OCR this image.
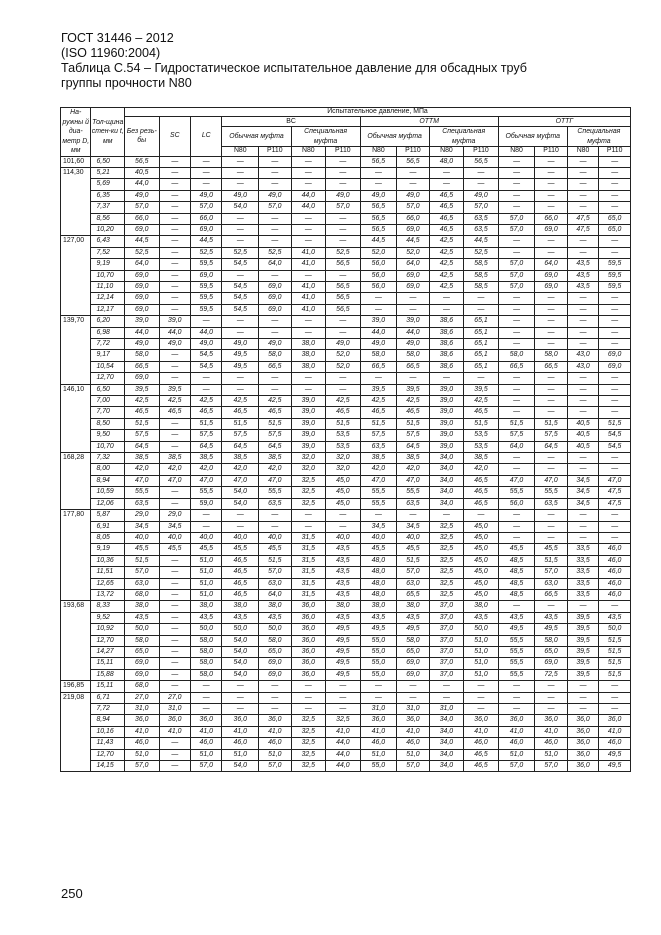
ГОСТ 31446 – 2012
(ISO 11960:2004)
Таблица С.54 – Гидростатическое испытательное давление для обсадных труб
группы прочности N80
На-ружны й диа-метр D, мм	Тол-щина стен-ки t, мм	Испытательное давление, МПа														
		Без резь-бы	SC	LC	BC				ОТТМ				ОТТГ			
					Обычная муфта		Специальная муфта		Обычная муфта		Специальная муфта		Обычная муфта		Специальная муфта	
					N80	P110	N80	P110	N80	P110	N80	P110	N80	P110	N80	P110
101,60	6,50	56,5	—	—	—	—	—	—	56,5	56,5	48,0	56,5	—	—	—	—
114,30	5,21	40,5	—	—	—	—	—	—	—	—	—	—	—	—	—	—
	5,69	44,0	—	—	—	—	—	—	—	—	—	—	—	—	—	—
	6,35	49,0	—	49,0	49,0	49,0	44,0	49,0	49,0	49,0	46,5	49,0	—	—	—	—
	7,37	57,0	—	57,0	54,0	57,0	44,0	57,0	56,5	57,0	46,5	57,0	—	—	—	—
	8,56	66,0	—	66,0	—	—	—	—	56,5	66,0	46,5	63,5	57,0	66,0	47,5	65,0
	10,20	69,0	—	69,0	—	—	—	—	56,5	69,0	46,5	63,5	57,0	69,0	47,5	65,0
127,00	6,43	44,5	—	44,5	—	—	—	—	44,5	44,5	42,5	44,5	—	—	—	—
	7,52	52,5	—	52,5	52,5	52,5	41,0	52,5	52,0	52,0	42,5	52,5	—	—	—	—
	9,19	64,0	—	59,5	54,5	64,0	41,0	56,5	56,0	64,0	42,5	58,5	57,0	64,0	43,5	59,5
	10,70	69,0	—	69,0	—	—	—	—	56,0	69,0	42,5	58,5	57,0	69,0	43,5	59,5
	11,10	69,0	—	59,5	54,5	69,0	41,0	56,5	56,0	69,0	42,5	58,5	57,0	69,0	43,5	59,5
	12,14	69,0	—	59,5	54,5	69,0	41,0	56,5	—	—	—	—	—	—	—	—
	12,17	69,0	—	59,5	54,5	69,0	41,0	56,5	—	—	—	—	—	—	—	—
139,70	6,20	39,0	39,0	—	—	—	—	—	39,0	39,0	38,6	65,1	—	—	—	—
	6,98	44,0	44,0	44,0	—	—	—	—	44,0	44,0	38,6	65,1	—	—	—	—
	7,72	49,0	49,0	49,0	49,0	49,0	38,0	49,0	49,0	49,0	38,6	65,1	—	—	—	—
	9,17	58,0	—	54,5	49,5	58,0	38,0	52,0	58,0	58,0	38,6	65,1	58,0	58,0	43,0	69,0
	10,54	66,5	—	54,5	49,5	66,5	38,0	52,0	66,5	66,5	38,6	65,1	66,5	66,5	43,0	69,0
	12,70	69,0	—	—	—	—	—	—	—	—	—	—	—	—	—	—
146,10	6,50	39,5	39,5	—	—	—	—	—	39,5	39,5	39,0	39,5	—	—	—	—
	7,00	42,5	42,5	42,5	42,5	42,5	39,0	42,5	42,5	42,5	39,0	42,5	—	—	—	—
	7,70	46,5	46,5	46,5	46,5	46,5	39,0	46,5	46,5	46,5	39,0	46,5	—	—	—	—
	8,50	51,5	—	51,5	51,5	51,5	39,0	51,5	51,5	51,5	39,0	51,5	51,5	51,5	40,5	51,5
	9,50	57,5	—	57,5	57,5	57,5	39,0	53,5	57,5	57,5	39,0	53,5	57,5	57,5	40,5	54,5
	10,70	64,5	—	64,5	64,5	64,5	39,0	53,5	63,5	64,5	39,0	53,5	64,0	64,5	40,5	54,5
168,28	7,32	38,5	38,5	38,5	38,5	38,5	32,0	32,0	38,5	38,5	34,0	38,5	—	—	—	—
	8,00	42,0	42,0	42,0	42,0	42,0	32,0	32,0	42,0	42,0	34,0	42,0	—	—	—	—
	8,94	47,0	47,0	47,0	47,0	47,0	32,5	45,0	47,0	47,0	34,0	46,5	47,0	47,0	34,5	47,0
	10,59	55,5	—	55,5	54,0	55,5	32,5	45,0	55,5	55,5	34,0	46,5	55,5	55,5	34,5	47,5
	12,06	63,5	—	59,0	54,0	63,5	32,5	45,0	55,5	63,5	34,0	46,5	56,0	63,5	34,5	47,5
177,80	5,87	29,0	29,0	—	—	—	—	—	—	—	—	—	—	—	—	—
	6,91	34,5	34,5	—	—	—	—	—	34,5	34,5	32,5	45,0	—	—	—	—
	8,05	40,0	40,0	40,0	40,0	40,0	31,5	40,0	40,0	40,0	32,5	45,0	—	—	—	—
	9,19	45,5	45,5	45,5	45,5	45,5	31,5	43,5	45,5	45,5	32,5	45,0	45,5	45,5	33,5	46,0
	10,36	51,5	—	51,0	46,5	51,5	31,5	43,5	48,0	51,5	32,5	45,0	48,5	51,5	33,5	46,0
	11,51	57,0	—	51,0	46,5	57,0	31,5	43,5	48,0	57,0	32,5	45,0	48,5	57,0	33,5	46,0
	12,65	63,0	—	51,0	46,5	63,0	31,5	43,5	48,0	63,0	32,5	45,0	48,5	63,0	33,5	46,0
	13,72	68,0	—	51,0	46,5	64,0	31,5	43,5	48,0	65,5	32,5	45,0	48,5	66,5	33,5	46,0
193,68	8,33	38,0	—	38,0	38,0	38,0	36,0	38,0	38,0	38,0	37,0	38,0	—	—	—	—
	9,52	43,5	—	43,5	43,5	43,5	36,0	43,5	43,5	43,5	37,0	43,5	43,5	43,5	39,5	43,5
	10,92	50,0	—	50,0	50,0	50,0	36,0	49,5	49,5	49,5	37,0	50,0	49,5	49,5	39,5	50,0
	12,70	58,0	—	58,0	54,0	58,0	36,0	49,5	55,0	58,0	37,0	51,0	55,5	58,0	39,5	51,5
	14,27	65,0	—	58,0	54,0	65,0	36,0	49,5	55,0	65,0	37,0	51,0	55,5	65,0	39,5	51,5
	15,11	69,0	—	58,0	54,0	69,0	36,0	49,5	55,0	69,0	37,0	51,0	55,5	69,0	39,5	51,5
	15,88	69,0	—	58,0	54,0	69,0	36,0	49,5	55,0	69,0	37,0	51,0	55,5	72,5	39,5	51,5
196,85	15,11	68,0	—	—	—	—	—	—	—	—	—	—	—	—	—	—
219,08	6,71	27,0	27,0	—	—	—	—	—	—	—	—	—	—	—	—	—
	7,72	31,0	31,0	—	—	—	—	—	31,0	31,0	31,0	—	—	—	—	—
	8,94	36,0	36,0	36,0	36,0	36,0	32,5	32,5	36,0	36,0	34,0	36,0	36,0	36,0	36,0	36,0
	10,16	41,0	41,0	41,0	41,0	41,0	32,5	41,0	41,0	41,0	34,0	41,0	41,0	41,0	36,0	41,0
	11,43	46,0	—	46,0	46,0	46,0	32,5	44,0	46,0	46,0	34,0	46,0	46,0	46,0	36,0	46,0
	12,70	51,0	—	51,0	51,0	51,0	32,5	44,0	51,0	51,0	34,0	46,5	51,0	51,0	36,0	49,5
	14,15	57,0	—	57,0	54,0	57,0	32,5	44,0	55,0	57,0	34,0	46,5	57,0	57,0	36,0	49,5
250
